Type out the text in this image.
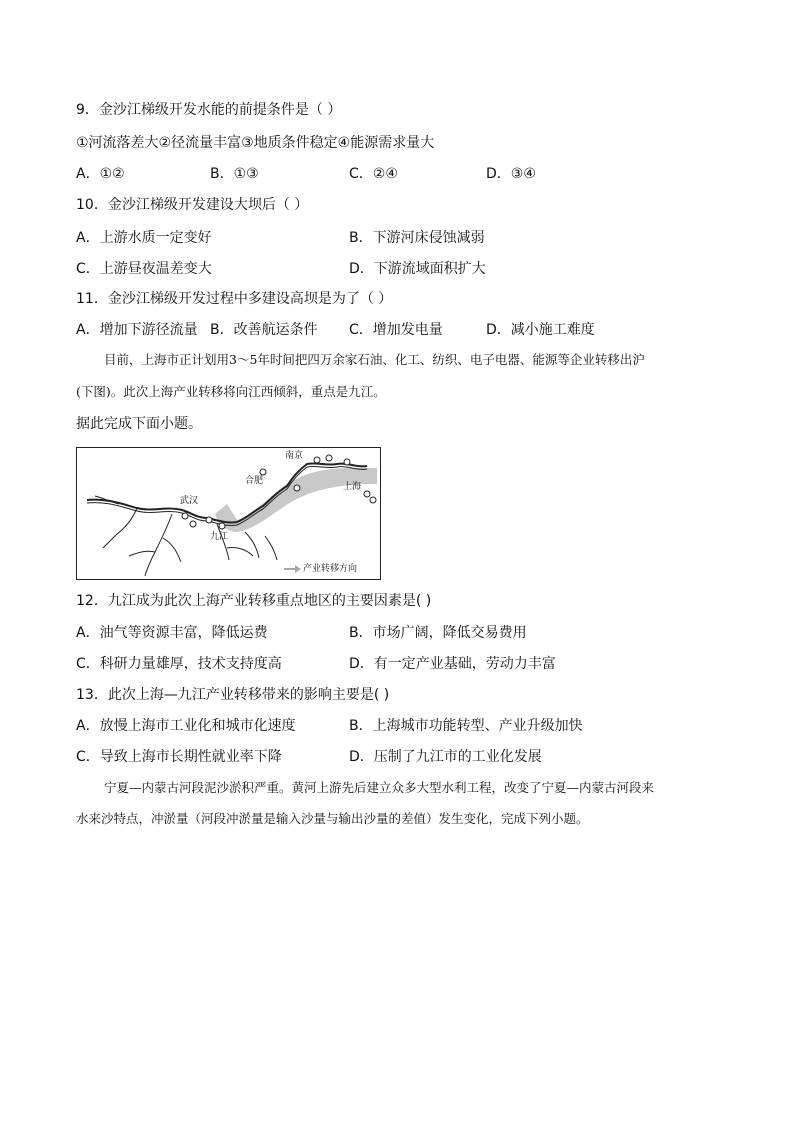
9．金沙江梯级开发水能的前提条件是（ ）
①河流落差大②径流量丰富③地质条件稳定④能源需求量大
A．①②	B．①③	C．②④	D．③④
10．金沙江梯级开发建设大坝后（ ）
A．上游水质一定变好	B．下游河床侵蚀减弱
C．上游昼夜温差变大	D．下游流域面积扩大
11．金沙江梯级开发过程中多建设高坝是为了（ ）
A．增加下游径流量 B．改善航运条件 C．增加发电量	D．减小施工难度
目前，上海市正计划用3～5年时间把四万余家石油、化工、纺织、电子电器、能源等企业转移出沪
(下图)。此次上海产业转移将向江西倾斜，重点是九江。
据此完成下面小题。
南京
合肥
上海
武汉
九江
产业转移方向
12．九江成为此次上海产业转移重点地区的主要因素是( )
A．油气等资源丰富，降低运费	B．市场广阔，降低交易费用
C．科研力量雄厚，技术支持度高	D．有一定产业基础，劳动力丰富
13．此次上海—九江产业转移带来的影响主要是( )
A．放慢上海市工业化和城市化速度	B．上海城市功能转型、产业升级加快
C．导致上海市长期性就业率下降	D．压制了九江市的工业化发展
宁夏—内蒙古河段泥沙淤积严重。黄河上游先后建立众多大型水利工程，改变了宁夏—内蒙古河段来
水来沙特点，冲淤量（河段冲淤量是输入沙量与输出沙量的差值）发生变化，完成下列小题。
